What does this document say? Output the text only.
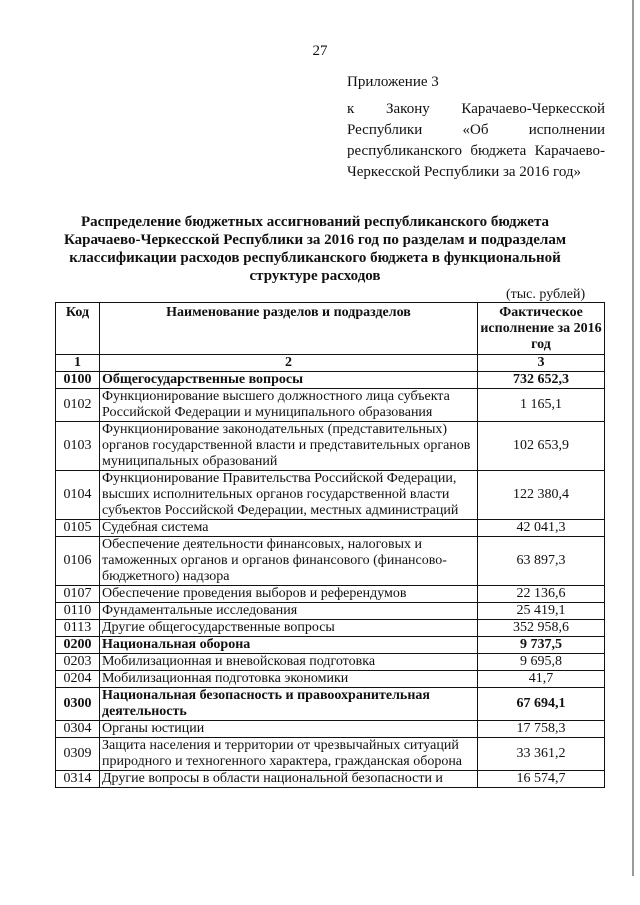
27
Приложение 3
к Закону Карачаево-Черкесской
Республики «Об исполнении
республиканского бюджета Карачаево-
Черкесской Республики за 2016 год»
Распределение бюджетных ассигнований республиканского бюджета
Карачаево-Черкесской Республики за 2016 год по разделам и подразделам
классификации расходов республиканского бюджета в функциональной
структуре расходов
(тыс. рублей)
Код	Наименование разделов и подразделов	Фактическое исполнение за 2016 год
1	2	3
0100	Общегосударственные вопросы	732 652,3
0102	Функционирование высшего должностного лица субъекта Российской Федерации и муниципального образования	1 165,1
0103	Функционирование законодательных (представительных) органов государственной власти и представительных органов муниципальных образований	102 653,9
0104	Функционирование Правительства Российской Федерации, высших исполнительных органов государственной власти субъектов Российской Федерации, местных администраций	122 380,4
0105	Судебная система	42 041,3
0106	Обеспечение деятельности финансовых, налоговых и таможенных органов и органов финансового (финансово-бюджетного) надзора	63 897,3
0107	Обеспечение проведения выборов и референдумов	22 136,6
0110	Фундаментальные исследования	25 419,1
0113	Другие общегосударственные вопросы	352 958,6
0200	Национальная оборона	9 737,5
0203	Мобилизационная и вневойсковая подготовка	9 695,8
0204	Мобилизационная подготовка экономики	41,7
0300	Национальная безопасность и правоохранительная деятельность	67 694,1
0304	Органы юстиции	17 758,3
0309	Защита населения и территории от чрезвычайных ситуаций природного и техногенного характера, гражданская оборона	33 361,2
0314	Другие вопросы в области национальной безопасности и	16 574,7
